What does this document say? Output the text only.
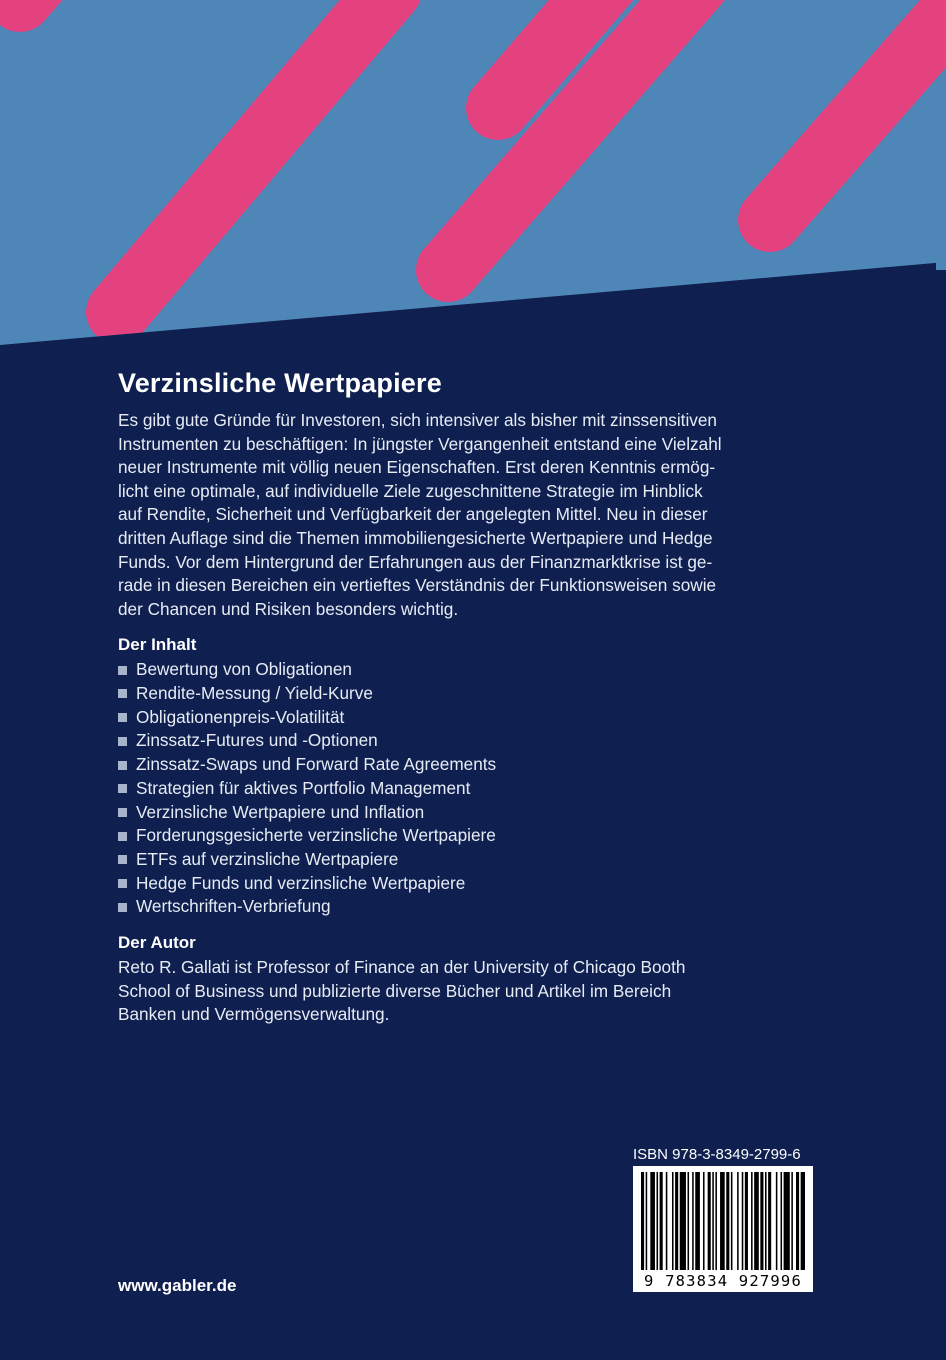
Verzinsliche Wertpapiere

Es gibt gute Gründe für Investoren, sich intensiver als bisher mit zinssensitiven
Instrumenten zu beschäftigen: In jüngster Vergangenheit entstand eine Vielzahl
neuer Instrumente mit völlig neuen Eigenschaften. Erst deren Kenntnis ermög-
licht eine optimale, auf individuelle Ziele zugeschnittene Strategie im Hinblick
auf Rendite, Sicherheit und Verfügbarkeit der angelegten Mittel. Neu in dieser
dritten Auflage sind die Themen immobiliengesicherte Wertpapiere und Hedge
Funds. Vor dem Hintergrund der Erfahrungen aus der Finanzmarktkrise ist ge-
rade in diesen Bereichen ein vertieftes Verständnis der Funktionsweisen sowie
der Chancen und Risiken besonders wichtig.

Der Inhalt
Bewertung von Obligationen
Rendite-Messung / Yield-Kurve
Obligationenpreis-Volatilität
Zinssatz-Futures und -Optionen
Zinssatz-Swaps und Forward Rate Agreements
Strategien für aktives Portfolio Management
Verzinsliche Wertpapiere und Inflation
Forderungsgesicherte verzinsliche Wertpapiere
ETFs auf verzinsliche Wertpapiere
Hedge Funds und verzinsliche Wertpapiere
Wertschriften-Verbriefung
Der Autor

Reto R. Gallati ist Professor of Finance an der University of Chicago Booth
School of Business und publizierte diverse Bücher und Artikel im Bereich
Banken und Vermögensverwaltung.

ISBN 978-3-8349-2799-6
9 783834 927996
www.gabler.de
